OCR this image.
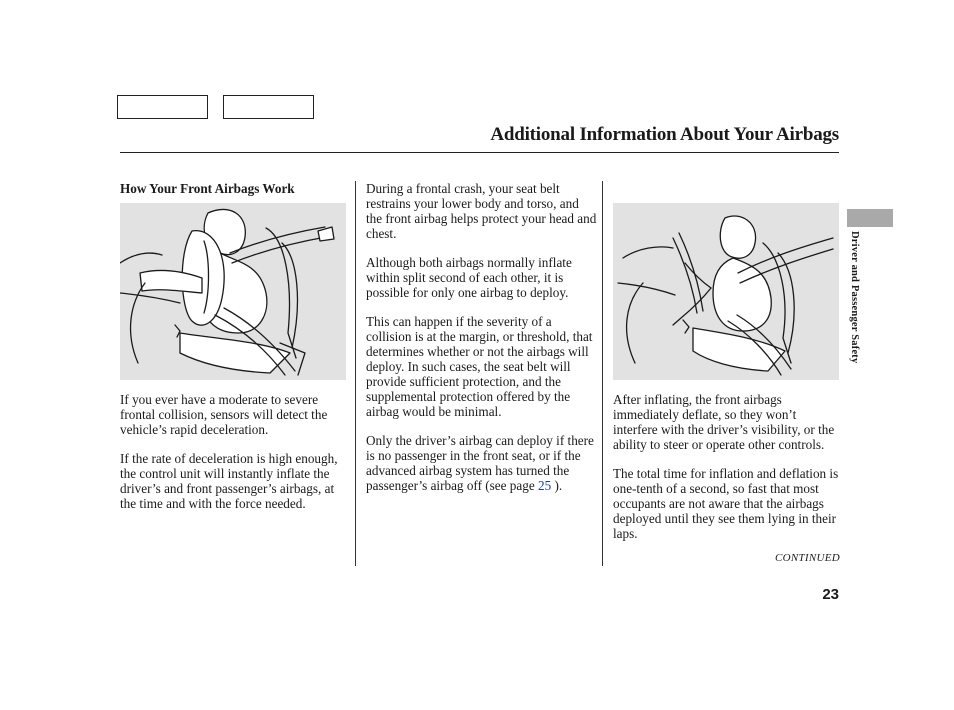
Additional Information About Your Airbags
How Your Front Airbags Work

If you ever have a moderate to severe frontal collision, sensors will detect the vehicle’s rapid deceleration.

If the rate of deceleration is high enough, the control unit will instantly inflate the driver’s and front passenger’s airbags, at the time and with the force needed.

During a frontal crash, your seat belt restrains your lower body and torso, and the front airbag helps protect your head and chest.

Although both airbags normally inflate within split second of each other, it is possible for only one airbag to deploy.

This can happen if the severity of a collision is at the margin, or threshold, that determines whether or not the airbags will deploy. In such cases, the seat belt will provide sufficient protection, and the supplemental protection offered by the airbag would be minimal.

Only the driver’s airbag can deploy if there is no passenger in the front seat, or if the advanced airbag system has turned the passenger’s airbag off (see page 25 ).

After inflating, the front airbags immediately deflate, so they won’t interfere with the driver’s visibility, or the ability to steer or operate other controls.

The total time for inflation and deflation is one-tenth of a second, so fast that most occupants are not aware that the airbags deployed until they see them lying in their laps.

CONTINUED
23
Driver and Passenger Safety
